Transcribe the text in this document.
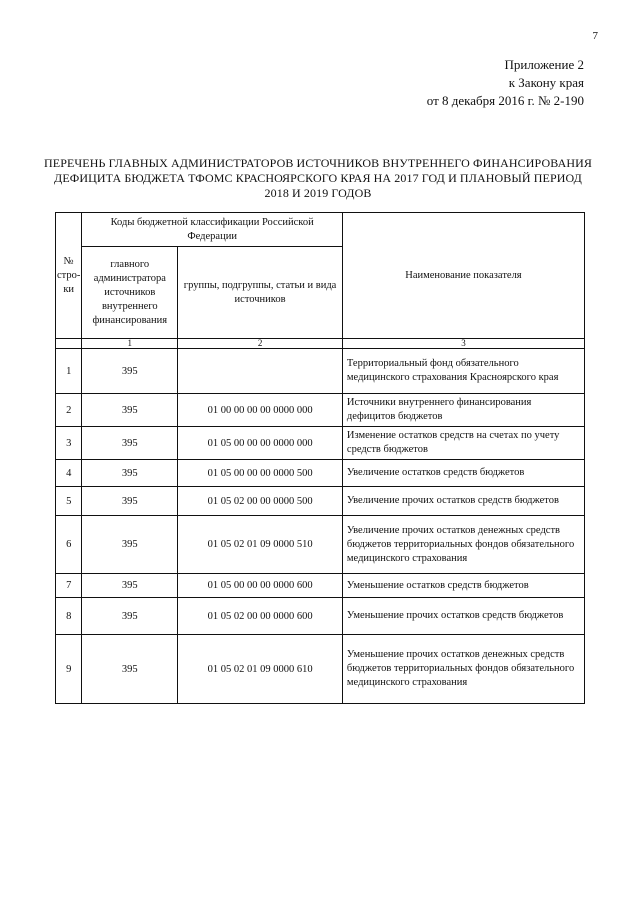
7
Приложение 2
к Закону края
от 8 декабря 2016 г. № 2-190
ПЕРЕЧЕНЬ ГЛАВНЫХ АДМИНИСТРАТОРОВ ИСТОЧНИКОВ ВНУТРЕННЕГО ФИНАНСИРОВАНИЯ
ДЕФИЦИТА БЮДЖЕТА ТФОМС КРАСНОЯРСКОГО КРАЯ НА 2017 ГОД И ПЛАНОВЫЙ ПЕРИОД
2018 И 2019 ГОДОВ
№ стро-ки	Коды бюджетной классификации Российской Федерации		Наименование показателя
	главного администратора источников внутреннего финансирования	группы, подгруппы, статьи и вида источников	
	1	2	3
1	395		Территориальный фонд обязательного медицинского страхования Красноярского края
2	395	01 00 00 00 00 0000 000	Источники внутреннего финансирования дефицитов бюджетов
3	395	01 05 00 00 00 0000 000	Изменение остатков средств на счетах по учету средств бюджетов
4	395	01 05 00 00 00 0000 500	Увеличение остатков средств бюджетов
5	395	01 05 02 00 00 0000 500	Увеличение прочих остатков средств бюджетов
6	395	01 05 02 01 09 0000 510	Увеличение прочих остатков денежных средств бюджетов территориальных фондов обязательного медицинского страхования
7	395	01 05 00 00 00 0000 600	Уменьшение остатков средств бюджетов
8	395	01 05 02 00 00 0000 600	Уменьшение прочих остатков средств бюджетов
9	395	01 05 02 01 09 0000 610	Уменьшение прочих остатков денежных средств бюджетов территориальных фондов обязательного медицинского страхования
